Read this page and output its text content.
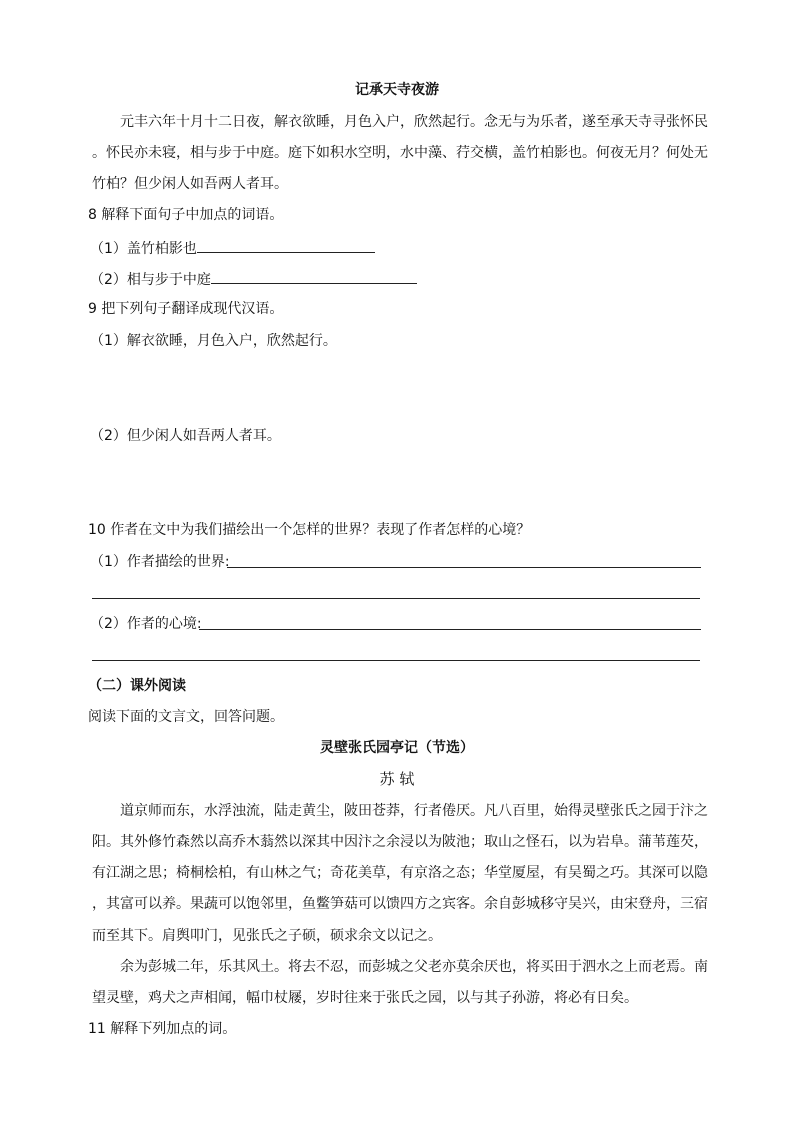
记承天寺夜游
元丰六年十月十二日夜，解衣欲睡，月色入户，欣然起行。念无与为乐者，遂至承天寺寻张怀民
。怀民亦未寝，相与步于中庭。庭下如积水空明，水中藻、荇交横，盖竹柏影也。何夜无月？何处无
竹柏？但少闲人如吾两人者耳。
8 解释下面句子中加点的词语。
（1）盖竹柏影也
（2）相与步于中庭
9 把下列句子翻译成现代汉语。
（1）解衣欲睡，月色入户，欣然起行。
（2）但少闲人如吾两人者耳。
10 作者在文中为我们描绘出一个怎样的世界？表现了作者怎样的心境？
（1）作者描绘的世界:
（2）作者的心境:
（二）课外阅读
阅读下面的文言文，回答问题。
灵壁张氏园亭记（节选）
苏 轼
道京师而东，水浮浊流，陆走黄尘，陂田苍莽，行者倦厌。凡八百里，始得灵壁张氏之园于汴之
阳。其外修竹森然以高乔木蓊然以深其中因汴之余浸以为陂池；取山之怪石，以为岩阜。蒲苇莲芡，
有江湖之思；椅桐桧柏，有山林之气；奇花美草，有京洛之态；华堂厦屋，有吴蜀之巧。其深可以隐
，其富可以养。果蔬可以饱邻里，鱼鳖笋菇可以馈四方之宾客。余自彭城移守吴兴，由宋登舟，三宿
而至其下。肩舆叩门，见张氏之子硕，硕求余文以记之。
余为彭城二年，乐其风土。将去不忍，而彭城之父老亦莫余厌也，将买田于泗水之上而老焉。南
望灵壁，鸡犬之声相闻，幅巾杖屦，岁时往来于张氏之园，以与其子孙游，将必有日矣。
11 解释下列加点的词。
